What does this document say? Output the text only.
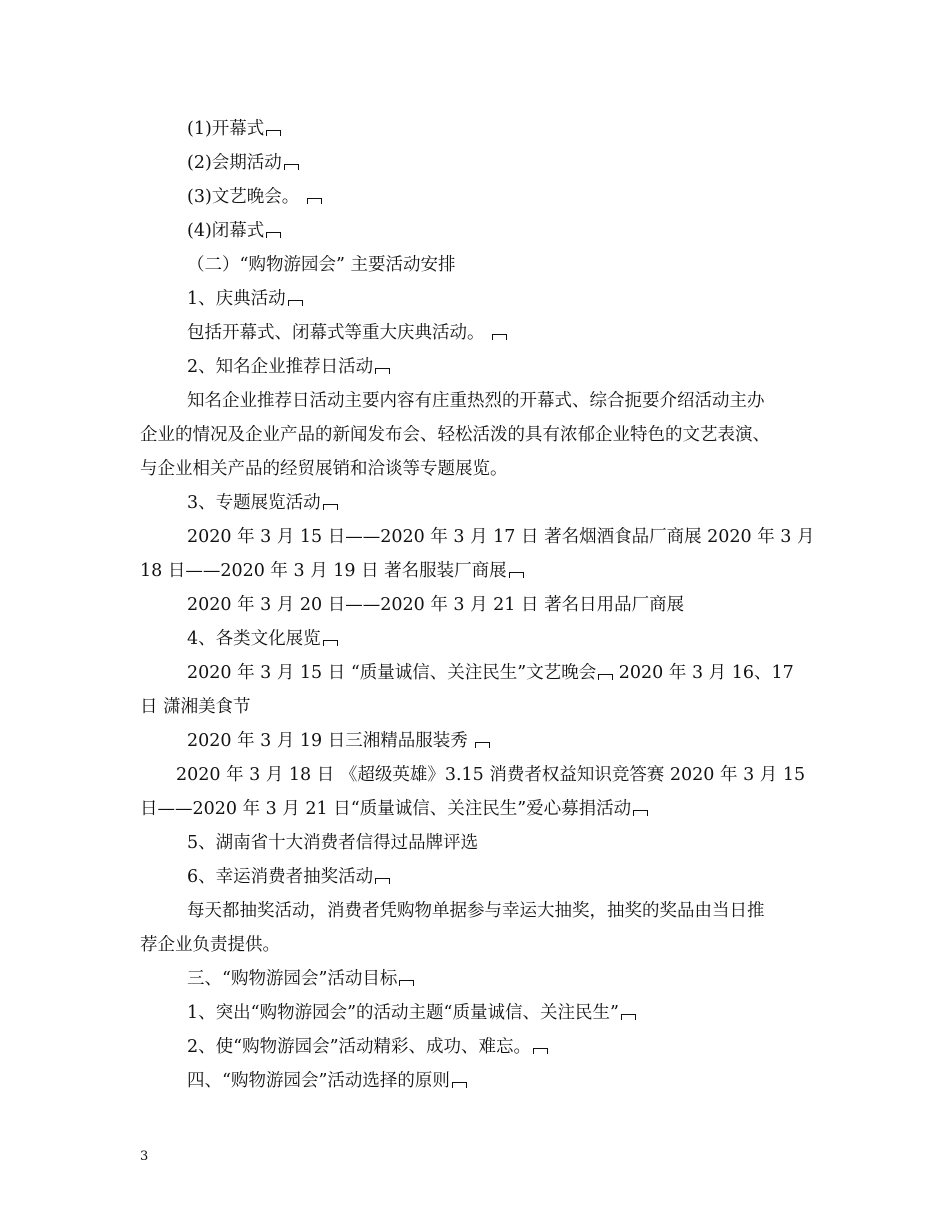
(1)开幕式
(2)会期活动
(3)文艺晚会。
(4)闭幕式
（二）“购物游园会” 主要活动安排
1、庆典活动
包括开幕式、闭幕式等重大庆典活动。
2、知名企业推荐日活动
知名企业推荐日活动主要内容有庄重热烈的开幕式、综合扼要介绍活动主办
企业的情况及企业产品的新闻发布会、轻松活泼的具有浓郁企业特色的文艺表演、
与企业相关产品的经贸展销和洽谈等专题展览。
3、专题展览活动
2020 年 3 月 15 日——2020 年 3 月 17 日 著名烟酒食品厂商展 2020 年 3 月
18 日——2020 年 3 月 19 日 著名服装厂商展
2020 年 3 月 20 日——2020 年 3 月 21 日 著名日用品厂商展
4、各类文化展览
2020 年 3 月 15 日 “质量诚信、关注民生”文艺晚会 2020 年 3 月 16、17
日 潇湘美食节
2020 年 3 月 19 日三湘精品服装秀
2020 年 3 月 18 日 《超级英雄》3.15 消费者权益知识竞答赛 2020 年 3 月 15
日——2020 年 3 月 21 日“质量诚信、关注民生”爱心募捐活动
5、湖南省十大消费者信得过品牌评选
6、幸运消费者抽奖活动
每天都抽奖活动，消费者凭购物单据参与幸运大抽奖，抽奖的奖品由当日推
荐企业负责提供。
三、“购物游园会”活动目标
1、突出“购物游园会”的活动主题“质量诚信、关注民生”
2、使“购物游园会”活动精彩、成功、难忘。
四、“购物游园会”活动选择的原则
3
